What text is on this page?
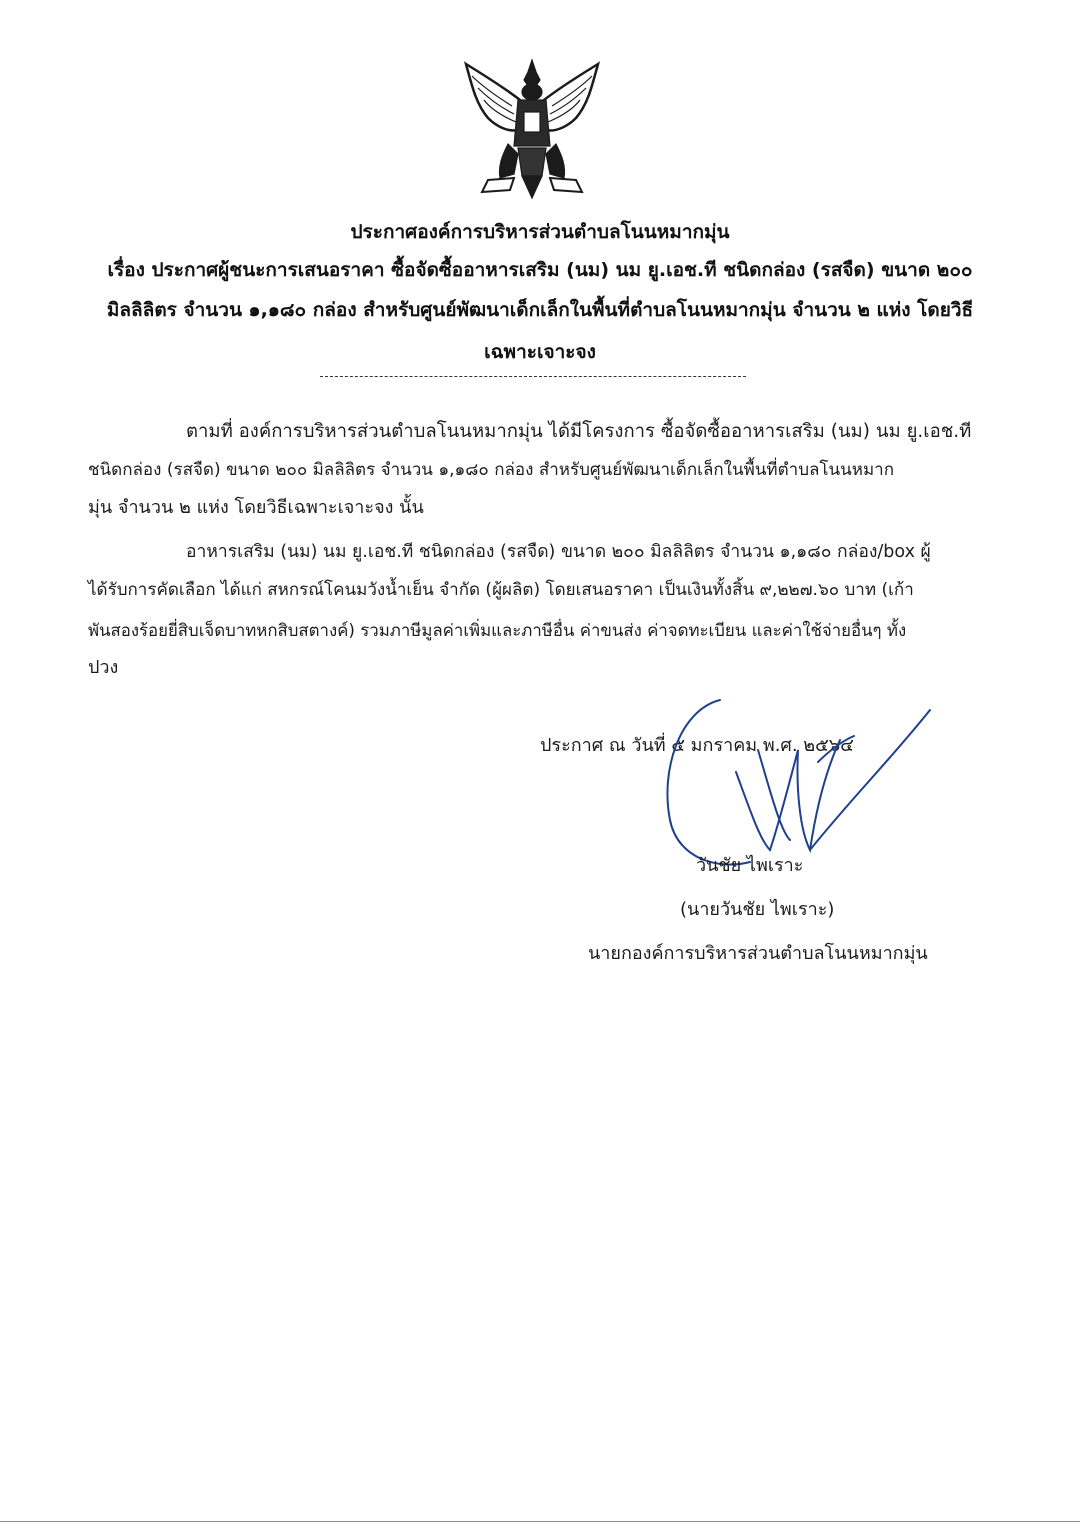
ประกาศองค์การบริหารส่วนตำบลโนนหมากมุ่น
เรื่อง ประกาศผู้ชนะการเสนอราคา ซื้อจัดซื้ออาหารเสริม (นม) นม ยู.เอช.ที ชนิดกล่อง (รสจืด) ขนาด ๒๐๐
มิลลิลิตร จำนวน ๑,๑๘๐ กล่อง สำหรับศูนย์พัฒนาเด็กเล็กในพื้นที่ตำบลโนนหมากมุ่น จำนวน ๒ แห่ง โดยวิธี
เฉพาะเจาะจง
ตามที่ องค์การบริหารส่วนตำบลโนนหมากมุ่น ได้มีโครงการ ซื้อจัดซื้ออาหารเสริม (นม) นม ยู.เอช.ที
ชนิดกล่อง (รสจืด) ขนาด ๒๐๐ มิลลิลิตร จำนวน ๑,๑๘๐ กล่อง สำหรับศูนย์พัฒนาเด็กเล็กในพื้นที่ตำบลโนนหมาก
มุ่น จำนวน ๒ แห่ง โดยวิธีเฉพาะเจาะจง นั้น
อาหารเสริม (นม) นม ยู.เอช.ที ชนิดกล่อง (รสจืด) ขนาด ๒๐๐ มิลลิลิตร จำนวน ๑,๑๘๐ กล่อง/box ผู้
ได้รับการคัดเลือก ได้แก่ สหกรณ์โคนมวังน้ำเย็น จำกัด (ผู้ผลิต) โดยเสนอราคา เป็นเงินทั้งสิ้น ๙,๒๒๗.๖๐ บาท (เก้า
พันสองร้อยยี่สิบเจ็ดบาทหกสิบสตางค์) รวมภาษีมูลค่าเพิ่มและภาษีอื่น ค่าขนส่ง ค่าจดทะเบียน และค่าใช้จ่ายอื่นๆ ทั้ง
ปวง
ประกาศ ณ วันที่ ๕ มกราคม พ.ศ. ๒๕๖๔
วันชัย ไพเราะ
(นายวันชัย ไพเราะ)
นายกองค์การบริหารส่วนตำบลโนนหมากมุ่น
